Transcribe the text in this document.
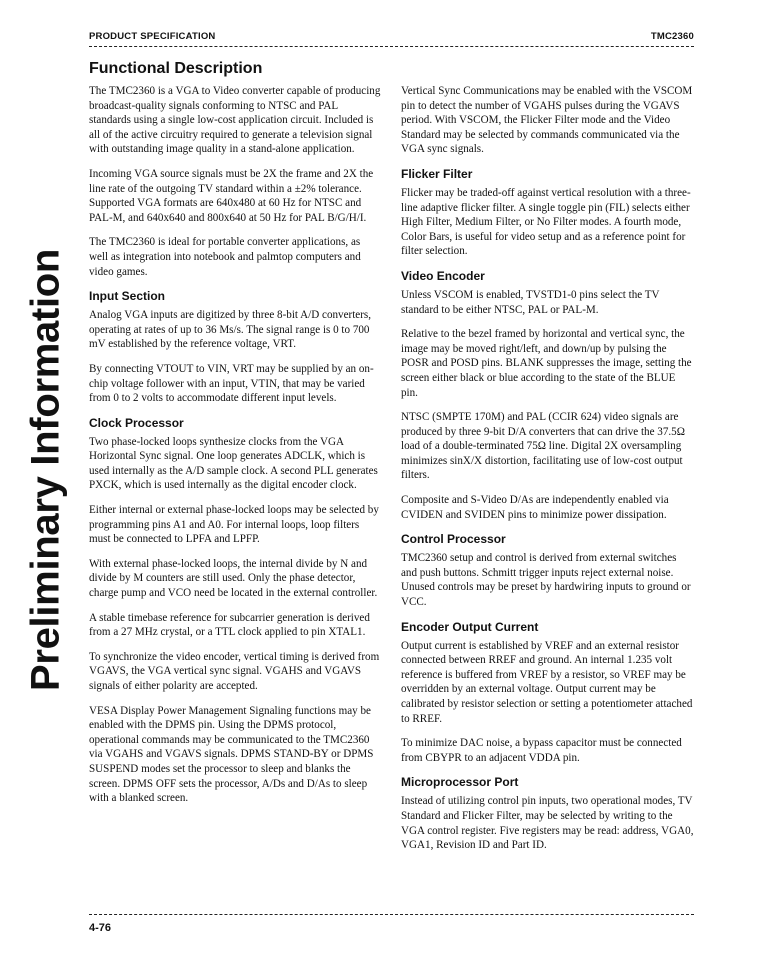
PRODUCT SPECIFICATION	TMC2360
Preliminary Information
Functional Description

The TMC2360 is a VGA to Video converter capable of producing broadcast-quality signals conforming to NTSC and PAL standards using a single low-cost application circuit. Included is all of the active circuitry required to generate a television signal with outstanding image quality in a stand-alone application.

Incoming VGA source signals must be 2X the frame and 2X the line rate of the outgoing TV standard within a ±2% tolerance. Supported VGA formats are 640x480 at 60 Hz for NTSC and PAL-M, and 640x640 and 800x640 at 50 Hz for PAL B/G/H/I.

The TMC2360 is ideal for portable converter applications, as well as integration into notebook and palmtop computers and video games.

Input Section

Analog VGA inputs are digitized by three 8-bit A/D converters, operating at rates of up to 36 Ms/s. The signal range is 0 to 700 mV established by the reference voltage, VRT.

By connecting VTOUT to VIN, VRT may be supplied by an on-chip voltage follower with an input, VTIN, that may be varied from 0 to 2 volts to accommodate different input levels.

Clock Processor

Two phase-locked loops synthesize clocks from the VGA Horizontal Sync signal. One loop generates ADCLK, which is used internally as the A/D sample clock. A second PLL generates PXCK, which is used internally as the digital encoder clock.

Either internal or external phase-locked loops may be selected by programming pins A1 and A0. For internal loops, loop filters must be connected to LPFA and LPFP.

With external phase-locked loops, the internal divide by N and divide by M counters are still used. Only the phase detector, charge pump and VCO need be located in the external controller.

A stable timebase reference for subcarrier generation is derived from a 27 MHz crystal, or a TTL clock applied to pin XTAL1.

To synchronize the video encoder, vertical timing is derived from VGAVS, the VGA vertical sync signal. VGAHS and VGAVS signals of either polarity are accepted.

VESA Display Power Management Signaling functions may be enabled with the DPMS pin. Using the DPMS protocol, operational commands may be communicated to the TMC2360 via VGAHS and VGAVS signals. DPMS STAND-BY or DPMS SUSPEND modes set the processor to sleep and blanks the screen. DPMS OFF sets the processor, A/Ds and D/As to sleep with a blanked screen.

Vertical Sync Communications may be enabled with the VSCOM pin to detect the number of VGAHS pulses during the VGAVS period. With VSCOM, the Flicker Filter mode and the Video Standard may be selected by commands communicated via the VGA sync signals.

Flicker Filter

Flicker may be traded-off against vertical resolution with a three-line adaptive flicker filter. A single toggle pin (FIL) selects either High Filter, Medium Filter, or No Filter modes. A fourth mode, Color Bars, is useful for video setup and as a reference point for filter selection.

Video Encoder

Unless VSCOM is enabled, TVSTD1-0 pins select the TV standard to be either NTSC, PAL or PAL-M.

Relative to the bezel framed by horizontal and vertical sync, the image may be moved right/left, and down/up by pulsing the POSR and POSD pins. BLANK suppresses the image, setting the screen either black or blue according to the state of the BLUE pin.

NTSC (SMPTE 170M) and PAL (CCIR 624) video signals are produced by three 9-bit D/A converters that can drive the 37.5Ω load of a double-terminated 75Ω line. Digital 2X oversampling minimizes sinX/X distortion, facilitating use of low-cost output filters.

Composite and S-Video D/As are independently enabled via CVIDEN and SVIDEN pins to minimize power dissipation.

Control Processor

TMC2360 setup and control is derived from external switches and push buttons. Schmitt trigger inputs reject external noise. Unused controls may be preset by hardwiring inputs to ground or VCC.

Encoder Output Current

Output current is established by VREF and an external resistor connected between RREF and ground. An internal 1.235 volt reference is buffered from VREF by a resistor, so VREF may be overridden by an external voltage. Output current may be calibrated by resistor selection or setting a potentiometer attached to RREF.

To minimize DAC noise, a bypass capacitor must be connected from CBYPR to an adjacent VDDA pin.

Microprocessor Port

Instead of utilizing control pin inputs, two operational modes, TV Standard and Flicker Filter, may be selected by writing to the VGA control register. Five registers may be read: address, VGA0, VGA1, Revision ID and Part ID.

4-76
